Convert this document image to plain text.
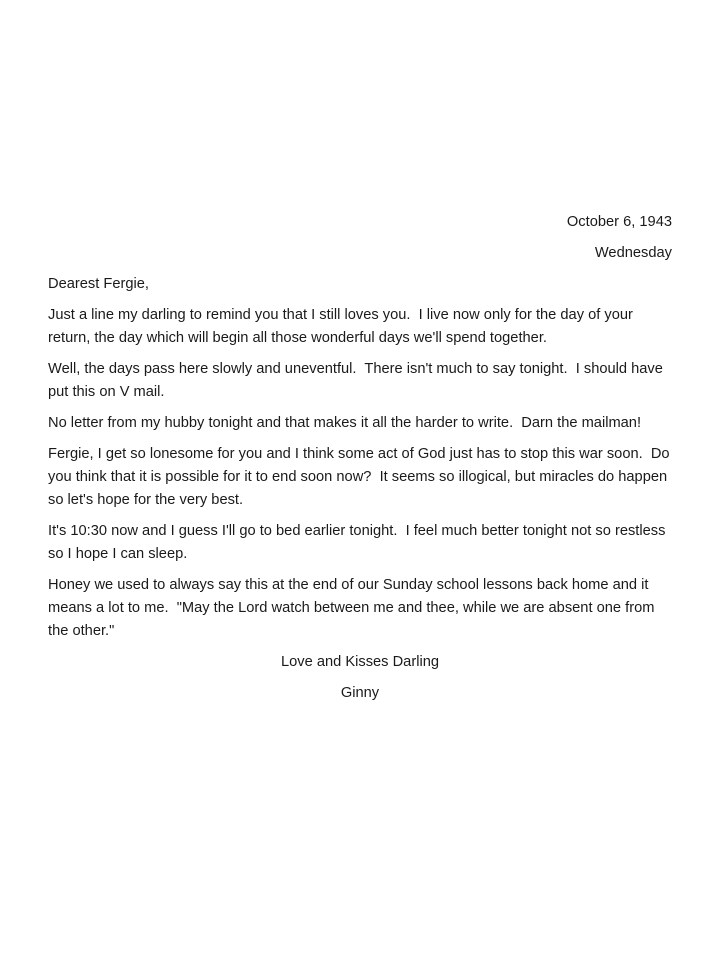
October 6, 1943

Wednesday

Dearest Fergie,

Just a line my darling to remind you that I still loves you.  I live now only for the day of your return, the day which will begin all those wonderful days we'll spend together.

Well, the days pass here slowly and uneventful.  There isn't much to say tonight.  I should have put this on V mail.

No letter from my hubby tonight and that makes it all the harder to write.  Darn the mailman!

Fergie, I get so lonesome for you and I think some act of God just has to stop this war soon.  Do you think that it is possible for it to end soon now?  It seems so illogical, but miracles do happen so let's hope for the very best.

It's 10:30 now and I guess I'll go to bed earlier tonight.  I feel much better tonight not so restless so I hope I can sleep.

Honey we used to always say this at the end of our Sunday school lessons back home and it means a lot to me.  "May the Lord watch between me and thee, while we are absent one from the other."

Love and Kisses Darling

Ginny
